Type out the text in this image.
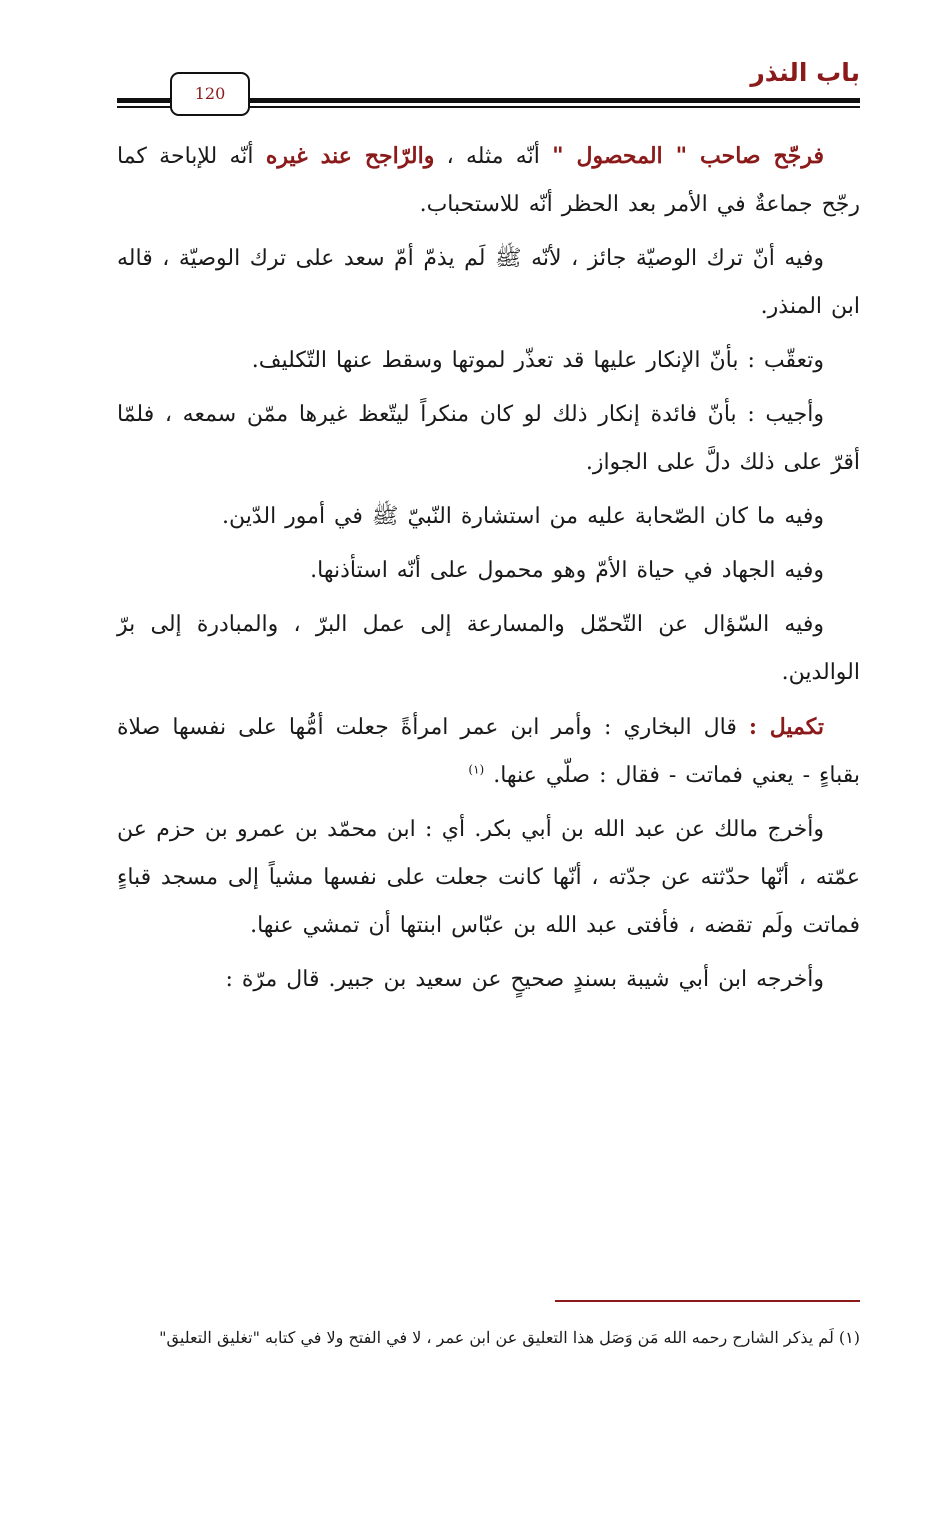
باب النذر
120

فرجّح صاحب " المحصول " أنّه مثله ، والرّاجح عند غيره أنّه للإباحة كما رجّح جماعةٌ في الأمر بعد الحظر أنّه للاستحباب.

وفيه أنّ ترك الوصيّة جائز ، لأنّه ﷺ لَم يذمّ أمّ سعد على ترك الوصيّة ، قاله ابن المنذر.

وتعقّب : بأنّ الإنكار عليها قد تعذّر لموتها وسقط عنها التّكليف.

وأجيب : بأنّ فائدة إنكار ذلك لو كان منكراً ليتّعظ غيرها ممّن سمعه ، فلمّا أقرّ على ذلك دلَّ على الجواز.

وفيه ما كان الصّحابة عليه من استشارة النّبيّ ﷺ في أمور الدّين.

وفيه الجهاد في حياة الأمّ وهو محمول على أنّه استأذنها.

وفيه السّؤال عن التّحمّل والمسارعة إلى عمل البرّ ، والمبادرة إلى برّ الوالدين.

تكميل : قال البخاري : وأمر ابن عمر امرأةً جعلت أمُّها على نفسها صلاة بقباءٍ - يعني فماتت - فقال : صلّي عنها. $^{(١)}$

وأخرج مالك عن عبد الله بن أبي بكر. أي : ابن محمّد بن عمرو بن حزم عن عمّته ، أنّها حدّثته عن جدّته ، أنّها كانت جعلت على نفسها مشياً إلى مسجد قباءٍ فماتت ولَم تقضه ، فأفتى عبد الله بن عبّاس ابنتها أن تمشي عنها.

وأخرجه ابن أبي شيبة بسندٍ صحيحٍ عن سعيد بن جبير. قال مرّة :

(١) لَم يذكر الشارح رحمه الله مَن وَصَل هذا التعليق عن ابن عمر ، لا في الفتح ولا في كتابه "تغليق التعليق"
